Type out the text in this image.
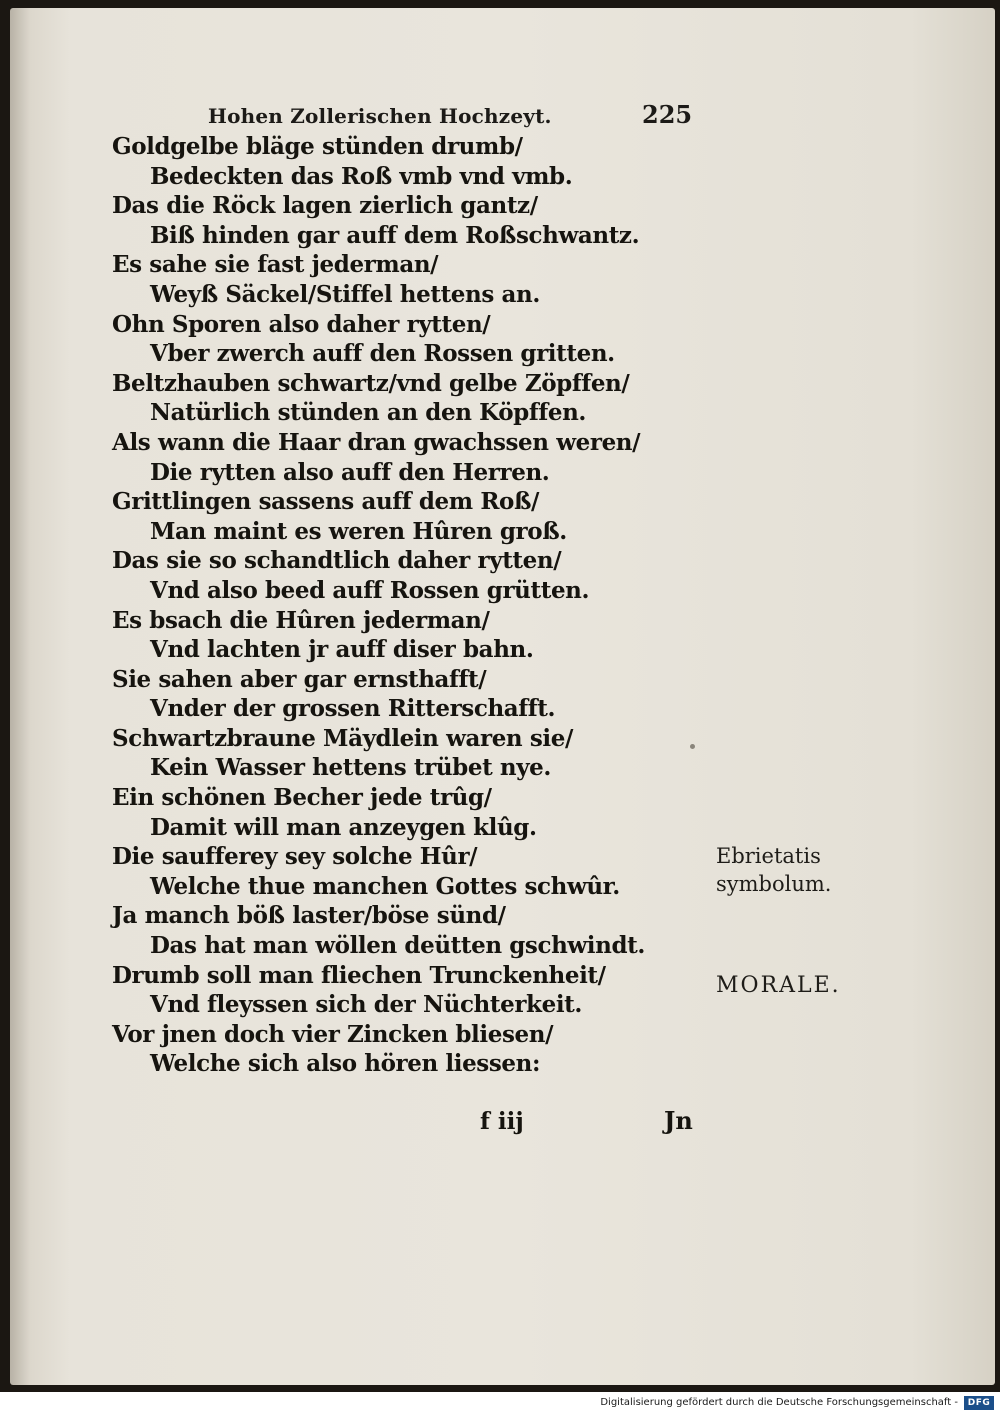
Hohen Zollerischen Hochzeyt.	225
Goldgelbe bläge stünden drumb/
Bedeckten das Roß vmb vnd vmb.
Das die Röck lagen zierlich gantz/
Biß hinden gar auff dem Roßschwantz.
Es sahe sie fast jederman/
Weyß Säckel/Stiffel hettens an.
Ohn Sporen also daher rytten/
Vber zwerch auff den Rossen gritten.
Beltzhauben schwartz/vnd gelbe Zöpffen/
Natürlich stünden an den Köpffen.
Als wann die Haar dran gwachssen weren/
Die rytten also auff den Herren.
Grittlingen sassens auff dem Roß/
Man maint es weren Hûren groß.
Das sie so schandtlich daher rytten/
Vnd also beed auff Rossen grütten.
Es bsach die Hûren jederman/
Vnd lachten jr auff diser bahn.
Sie sahen aber gar ernsthafft/
Vnder der grossen Ritterschafft.
Schwartzbraune Mäydlein waren sie/
Kein Wasser hettens trübet nye.
Ein schönen Becher jede trûg/
Damit will man anzeygen klûg.
Die saufferey sey solche Hûr/
Welche thue manchen Gottes schwûr.
Ja manch böß laster/böse sünd/
Das hat man wöllen deütten gschwindt.
Drumb soll man fliechen Trunckenheit/
Vnd fleyssen sich der Nüchterkeit.
Vor jnen doch vier Zincken bliesen/
Welche sich also hören liessen:
Ebrietatis
symbolum.
MORALE.
f iij	Jn
Digitalisierung gefördert durch die Deutsche Forschungsgemeinschaft -	DFG
